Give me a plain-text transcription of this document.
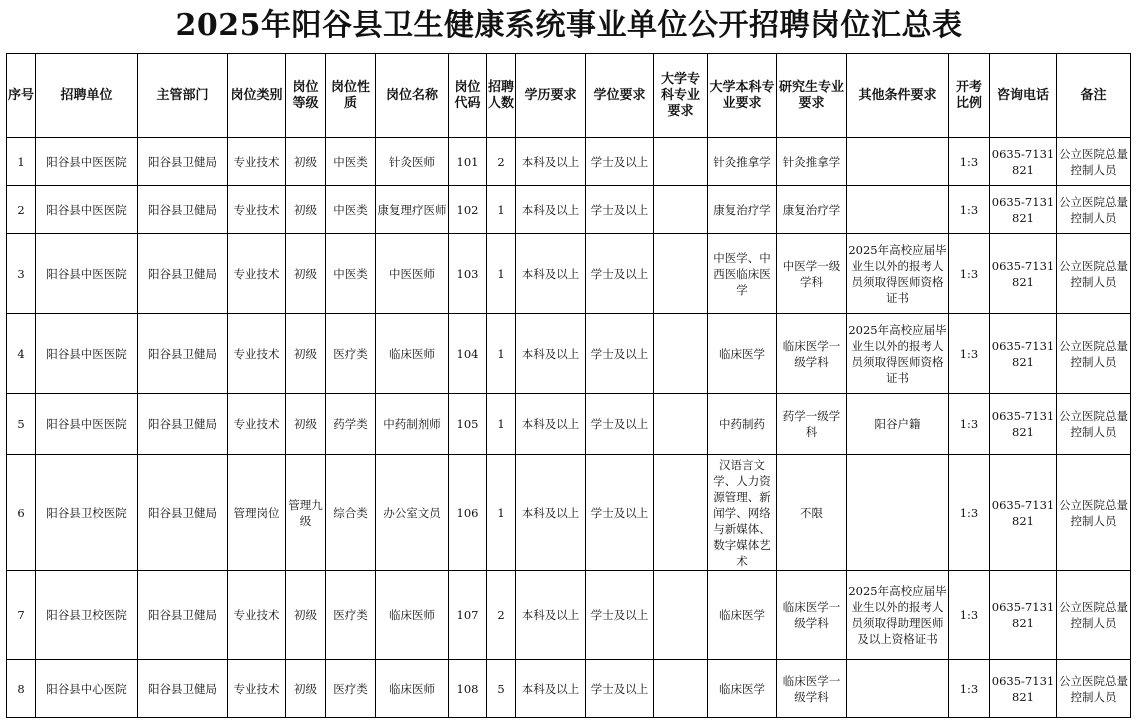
2025年阳谷县卫生健康系统事业单位公开招聘岗位汇总表
序号	招聘单位	主管部门	岗位类别	岗位等级	岗位性质	岗位名称	岗位代码	招聘人数	学历要求	学位要求	大学专科专业要求	大学本科专业要求	研究生专业要求	其他条件要求	开考比例	咨询电话	备注
1	阳谷县中医医院	阳谷县卫健局	专业技术	初级	中医类	针灸医师	101	2	本科及以上	学士及以上		针灸推拿学	针灸推拿学		1:3	0635-7131821	公立医院总量控制人员
2	阳谷县中医医院	阳谷县卫健局	专业技术	初级	中医类	康复理疗医师	102	1	本科及以上	学士及以上		康复治疗学	康复治疗学		1:3	0635-7131821	公立医院总量控制人员
3	阳谷县中医医院	阳谷县卫健局	专业技术	初级	中医类	中医医师	103	1	本科及以上	学士及以上		中医学、中西医临床医学	中医学一级学科	2025年高校应届毕业生以外的报考人员须取得医师资格证书	1:3	0635-7131821	公立医院总量控制人员
4	阳谷县中医医院	阳谷县卫健局	专业技术	初级	医疗类	临床医师	104	1	本科及以上	学士及以上		临床医学	临床医学一级学科	2025年高校应届毕业生以外的报考人员须取得医师资格证书	1:3	0635-7131821	公立医院总量控制人员
5	阳谷县中医医院	阳谷县卫健局	专业技术	初级	药学类	中药制剂师	105	1	本科及以上	学士及以上		中药制药	药学一级学科	阳谷户籍	1:3	0635-7131821	公立医院总量控制人员
6	阳谷县卫校医院	阳谷县卫健局	管理岗位	管理九级	综合类	办公室文员	106	1	本科及以上	学士及以上		汉语言文学、人力资源管理、新闻学、网络与新媒体、数字媒体艺术	不限		1:3	0635-7131821	公立医院总量控制人员
7	阳谷县卫校医院	阳谷县卫健局	专业技术	初级	医疗类	临床医师	107	2	本科及以上	学士及以上		临床医学	临床医学一级学科	2025年高校应届毕业生以外的报考人员须取得助理医师及以上资格证书	1:3	0635-7131821	公立医院总量控制人员
8	阳谷县中心医院	阳谷县卫健局	专业技术	初级	医疗类	临床医师	108	5	本科及以上	学士及以上		临床医学	临床医学一级学科		1:3	0635-7131821	公立医院总量控制人员
